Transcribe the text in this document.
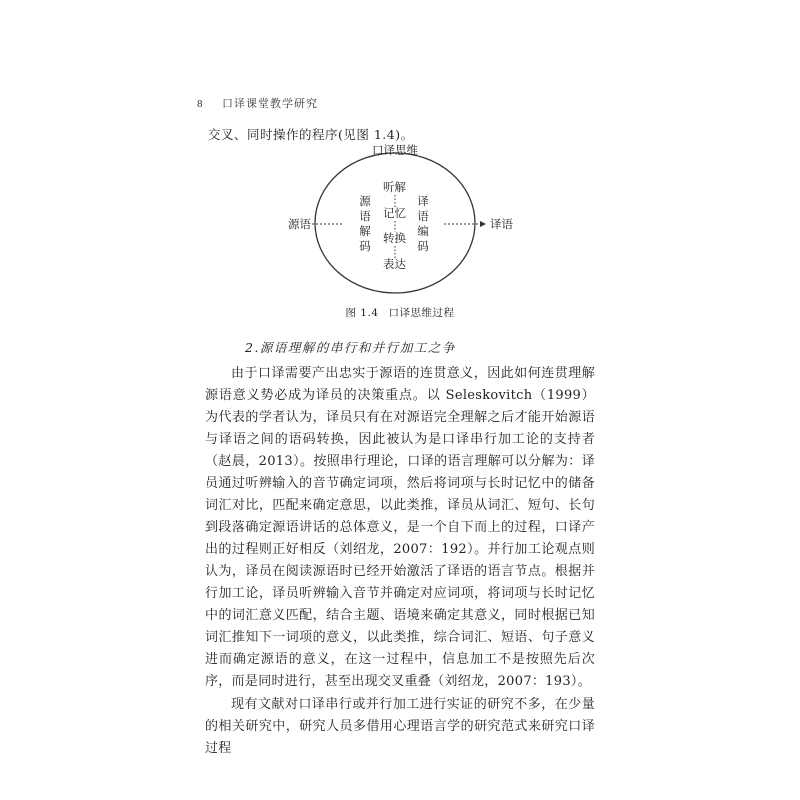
8 口译课堂教学研究
交叉、同时操作的程序(见图 1.4)。
口译思维
源语	译语
源语解码
译语编码
听解
记忆
转换
表达
图 1.4 口译思维过程
2.源语理解的串行和并行加工之争

由于口译需要产出忠实于源语的连贯意义，因此如何连贯理解源语意义势必成为译员的决策重点。以 Seleskovitch（1999）为代表的学者认为，译员只有在对源语完全理解之后才能开始源语与译语之间的语码转换，因此被认为是口译串行加工论的支持者（赵晨，2013）。按照串行理论，口译的语言理解可以分解为：译员通过听辨输入的音节确定词项，然后将词项与长时记忆中的储备词汇对比，匹配来确定意思，以此类推，译员从词汇、短句、长句到段落确定源语讲话的总体意义，是一个自下而上的过程，口译产出的过程则正好相反（刘绍龙，2007：192）。并行加工论观点则认为，译员在阅读源语时已经开始激活了译语的语言节点。根据并行加工论，译员听辨输入音节并确定对应词项，将词项与长时记忆中的词汇意义匹配，结合主题、语境来确定其意义，同时根据已知词汇推知下一词项的意义，以此类推，综合词汇、短语、句子意义进而确定源语的意义，在这一过程中，信息加工不是按照先后次序，而是同时进行，甚至出现交叉重叠（刘绍龙，2007：193）。

现有文献对口译串行或并行加工进行实证的研究不多，在少量的相关研究中，研究人员多借用心理语言学的研究范式来研究口译过程
